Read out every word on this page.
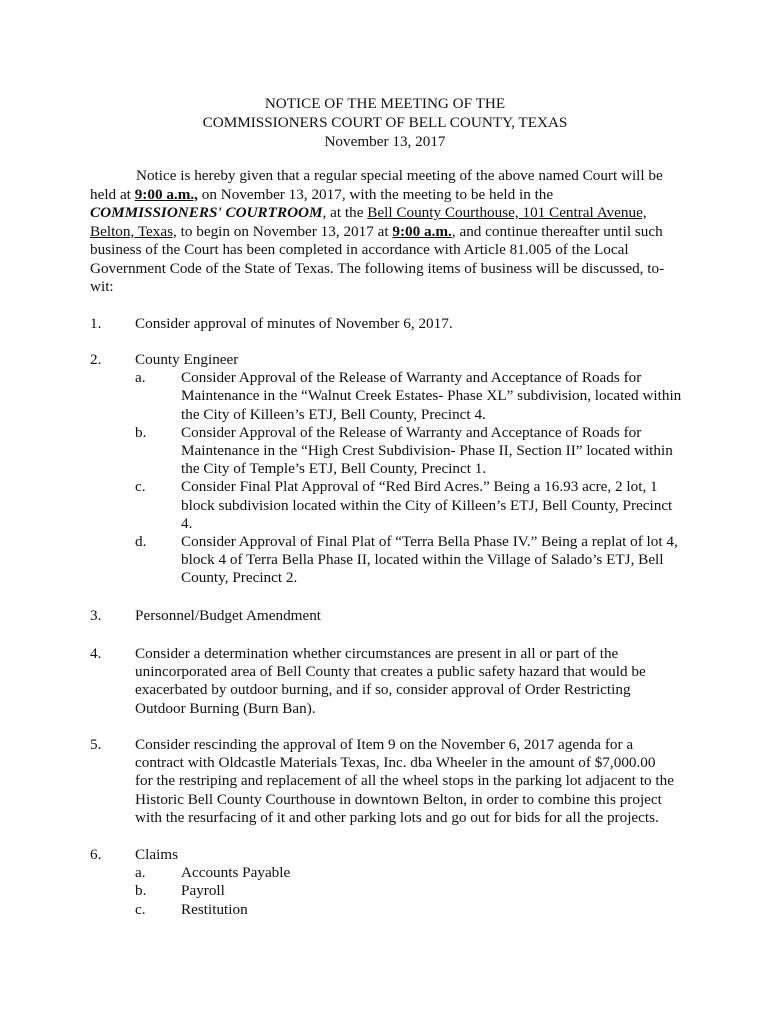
NOTICE OF THE MEETING OF THE
COMMISSIONERS COURT OF BELL COUNTY, TEXAS
November 13, 2017
Notice is hereby given that a regular special meeting of the above named Court will be
held at 9:00 a.m., on November 13, 2017, with the meeting to be held in the
COMMISSIONERS' COURTROOM, at the Bell County Courthouse, 101 Central Avenue,
Belton, Texas, to begin on November 13, 2017 at 9:00 a.m., and continue thereafter until such
business of the Court has been completed in accordance with Article 81.005 of the Local
Government Code of the State of Texas. The following items of business will be discussed, to-
wit:
1. Consider approval of minutes of November 6, 2017.
2. County Engineer
a. Consider Approval of the Release of Warranty and Acceptance of Roads for
Maintenance in the “Walnut Creek Estates- Phase XL” subdivision, located within
the City of Killeen’s ETJ, Bell County, Precinct 4.
b. Consider Approval of the Release of Warranty and Acceptance of Roads for
Maintenance in the “High Crest Subdivision- Phase II, Section II” located within
the City of Temple’s ETJ, Bell County, Precinct 1.
c. Consider Final Plat Approval of “Red Bird Acres.” Being a 16.93 acre, 2 lot, 1
block subdivision located within the City of Killeen’s ETJ, Bell County, Precinct
4.
d. Consider Approval of Final Plat of “Terra Bella Phase IV.” Being a replat of lot 4,
block 4 of Terra Bella Phase II, located within the Village of Salado’s ETJ, Bell
County, Precinct 2.
3. Personnel/Budget Amendment
4. Consider a determination whether circumstances are present in all or part of the
unincorporated area of Bell County that creates a public safety hazard that would be
exacerbated by outdoor burning, and if so, consider approval of Order Restricting
Outdoor Burning (Burn Ban).
5. Consider rescinding the approval of Item 9 on the November 6, 2017 agenda for a
contract with Oldcastle Materials Texas, Inc. dba Wheeler in the amount of $7,000.00
for the restriping and replacement of all the wheel stops in the parking lot adjacent to the
Historic Bell County Courthouse in downtown Belton, in order to combine this project
with the resurfacing of it and other parking lots and go out for bids for all the projects.
6. Claims
a. Accounts Payable
b. Payroll
c. Restitution
